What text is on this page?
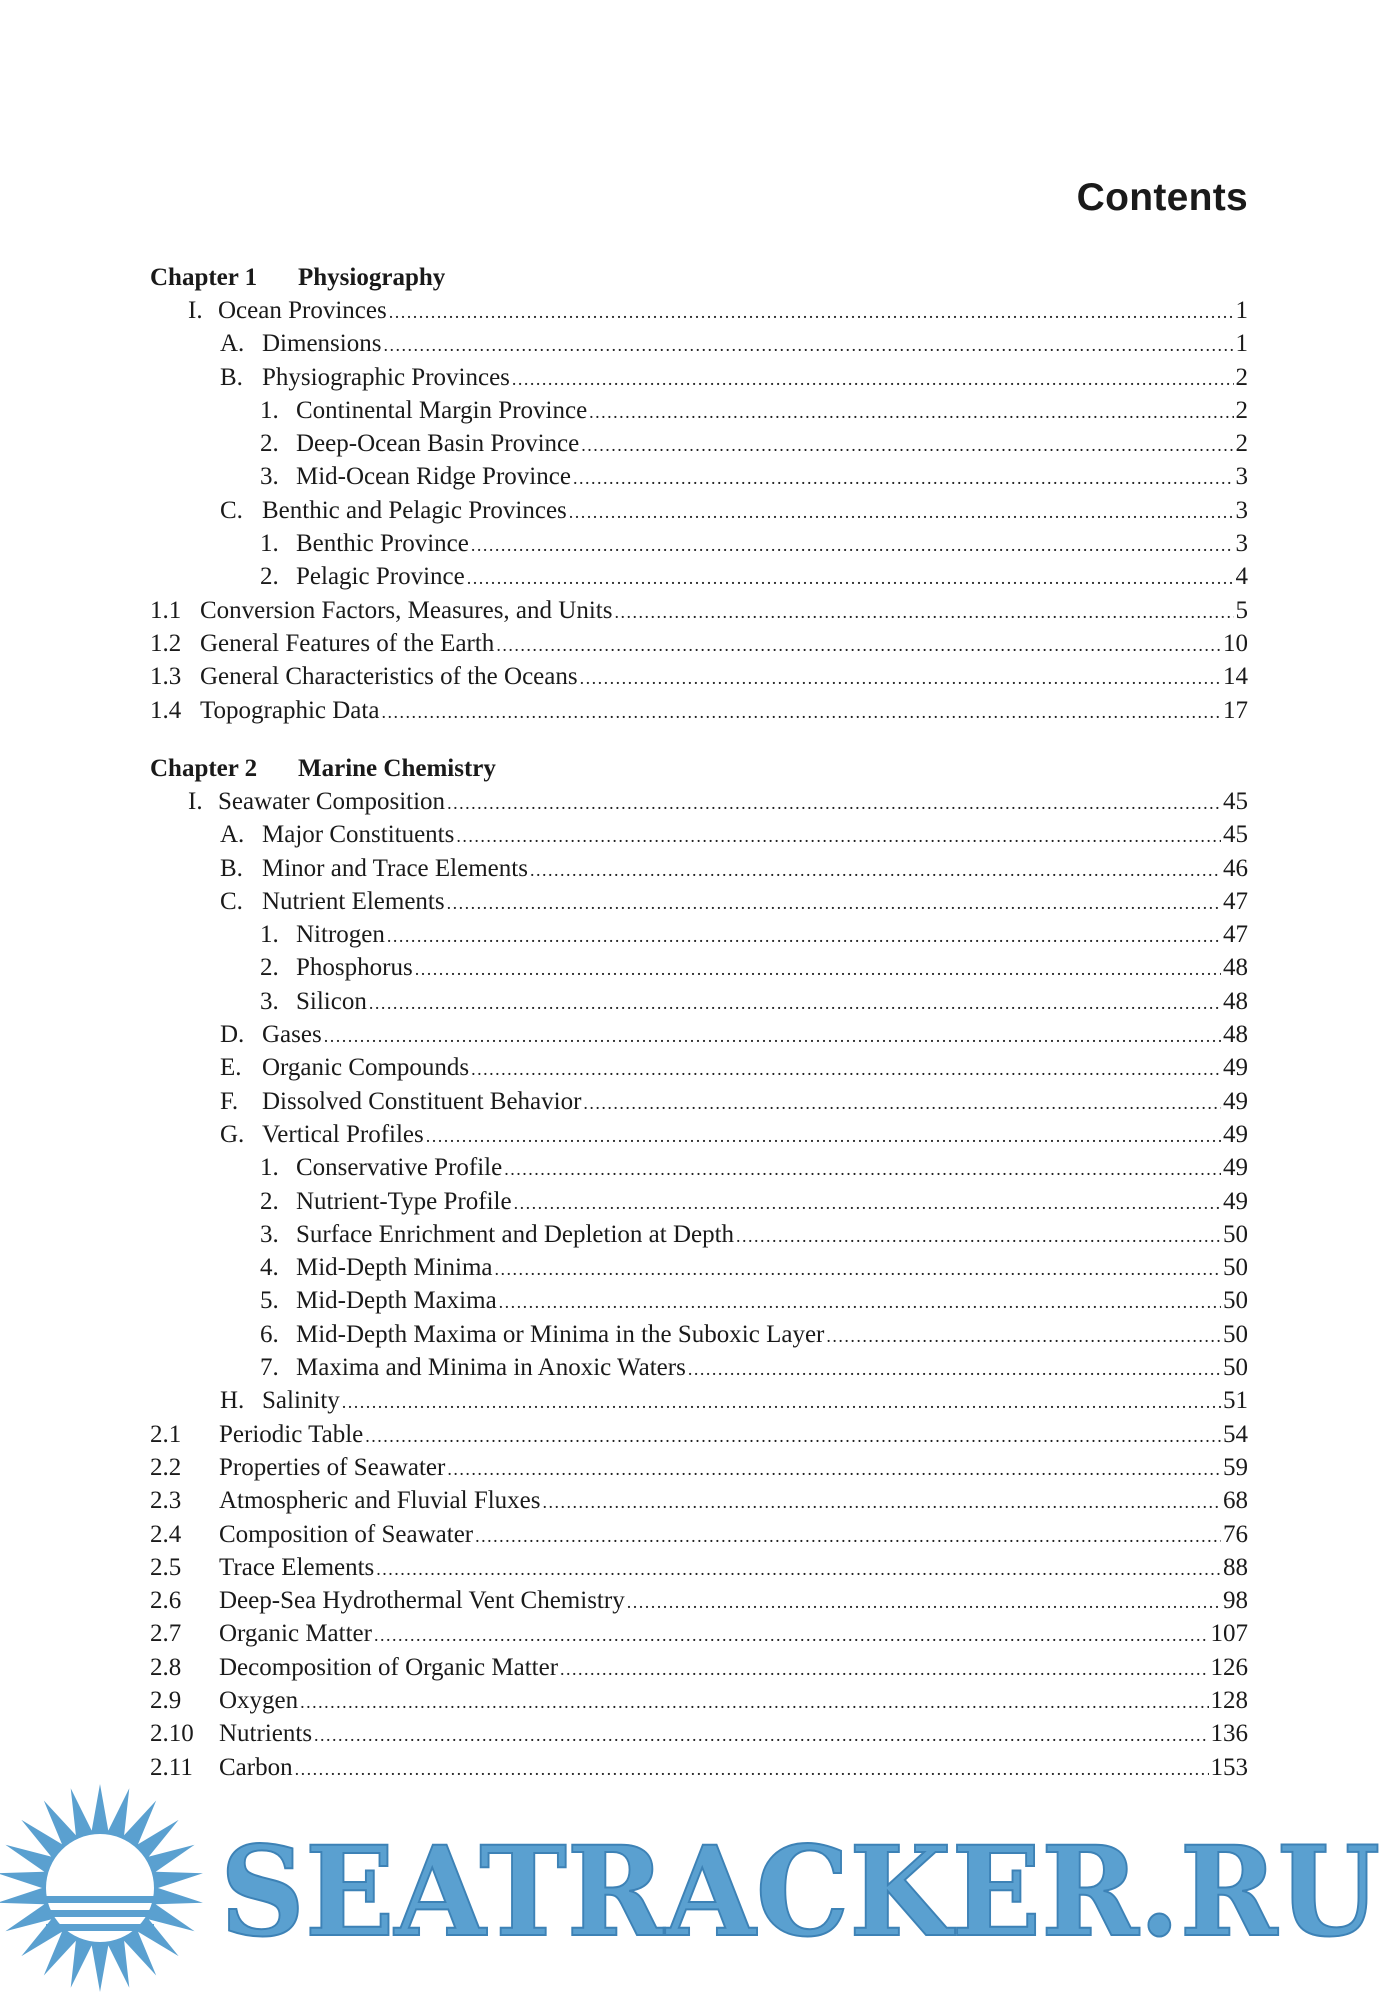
Contents
Chapter 1	Physiography
I. Ocean Provinces .....	1
A. Dimensions .....	1
B. Physiographic Provinces .....	2
1. Continental Margin Province .....	2
2. Deep-Ocean Basin Province .....	2
3. Mid-Ocean Ridge Province .....	3
C. Benthic and Pelagic Provinces .....	3
1. Benthic Province .....	3
2. Pelagic Province .....	4
1.1 Conversion Factors, Measures, and Units .....	5
1.2 General Features of the Earth .....	10
1.3 General Characteristics of the Oceans .....	14
1.4 Topographic Data .....	17
Chapter 2	Marine Chemistry
I. Seawater Composition .....	45
A. Major Constituents .....	45
B. Minor and Trace Elements .....	46
C. Nutrient Elements .....	47
1. Nitrogen .....	47
2. Phosphorus .....	48
3. Silicon .....	48
D. Gases .....	48
E. Organic Compounds .....	49
F. Dissolved Constituent Behavior .....	49
G. Vertical Profiles .....	49
1. Conservative Profile .....	49
2. Nutrient-Type Profile .....	49
3. Surface Enrichment and Depletion at Depth .....	50
4. Mid-Depth Minima .....	50
5. Mid-Depth Maxima .....	50
6. Mid-Depth Maxima or Minima in the Suboxic Layer .....	50
7. Maxima and Minima in Anoxic Waters .....	50
H. Salinity .....	51
2.1	Periodic Table .....	54
2.2	Properties of Seawater .....	59
2.3	Atmospheric and Fluvial Fluxes .....	68
2.4	Composition of Seawater .....	76
2.5	Trace Elements .....	88
2.6	Deep-Sea Hydrothermal Vent Chemistry .....	98
2.7	Organic Matter .....	107
2.8	Decomposition of Organic Matter .....	126
2.9	Oxygen .....	128
2.10	Nutrients .....	136
2.11	Carbon .....	153
SEATRACKER.RU
